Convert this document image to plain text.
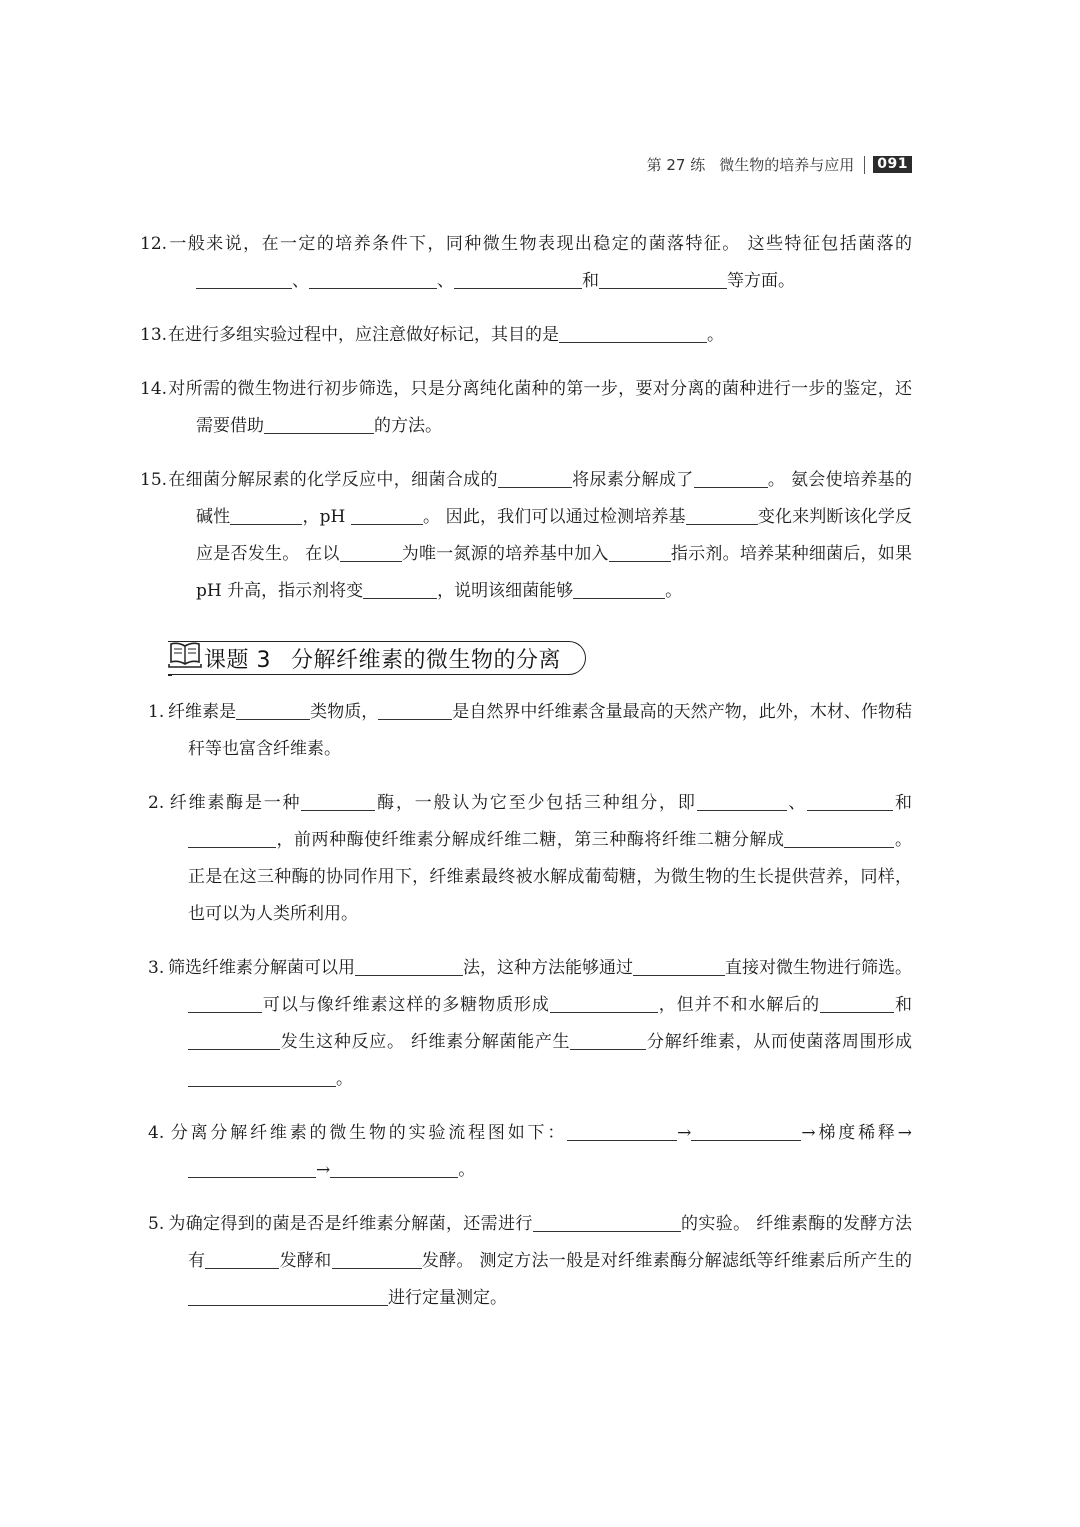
第 27 练 微生物的培养与应用 091
12.一般来说，在一定的培养条件下，同种微生物表现出稳定的菌落特征。 这些特征包括菌落的、	、	和	等方面。
13.在进行多组实验过程中，应注意做好标记，其目的是	。
14.对所需的微生物进行初步筛选，只是分离纯化菌种的第一步，要对分离的菌种进行一步的鉴定，还需要借助	的方法。
15.在细菌分解尿素的化学反应中，细菌合成的	将尿素分解成了	。 氨会使培养基的碱性	，pH	。 因此，我们可以通过检测培养基	变化来判断该化学反应是否发生。 在以	为唯一氮源的培养基中加入	指示剂。培养某种细菌后，如果 pH 升高，指示剂将变	，说明该细菌能够	。
课题 3 分解纤维素的微生物的分离
1. 纤维素是	类物质，	是自然界中纤维素含量最高的天然产物，此外，木材、作物秸秆等也富含纤维素。
2. 纤维素酶是一种	酶，一般认为它至少包括三种组分，即	、	和，前两种酶使纤维素分解成纤维二糖，第三种酶将纤维二糖分解成	。 正是在这三种酶的协同作用下，纤维素最终被水解成葡萄糖，为微生物的生长提供营养，同样，也可以为人类所利用。
3. 筛选纤维素分解菌可以用	法，这种方法能够通过	直接对微生物进行筛选。 可以与像纤维素这样的多糖物质形成	，但并不和水解后的	和发生这种反应。 纤维素分解菌能产生	分解纤维素，从而使菌落周围形成。
4. 分离分解纤维素的微生物的实验流程图如下：	→	→梯度稀释→→	。
5. 为确定得到的菌是否是纤维素分解菌，还需进行	的实验。 纤维素酶的发酵方法有	发酵和	发酵。 测定方法一般是对纤维素酶分解滤纸等纤维素后所产生的进行定量测定。
